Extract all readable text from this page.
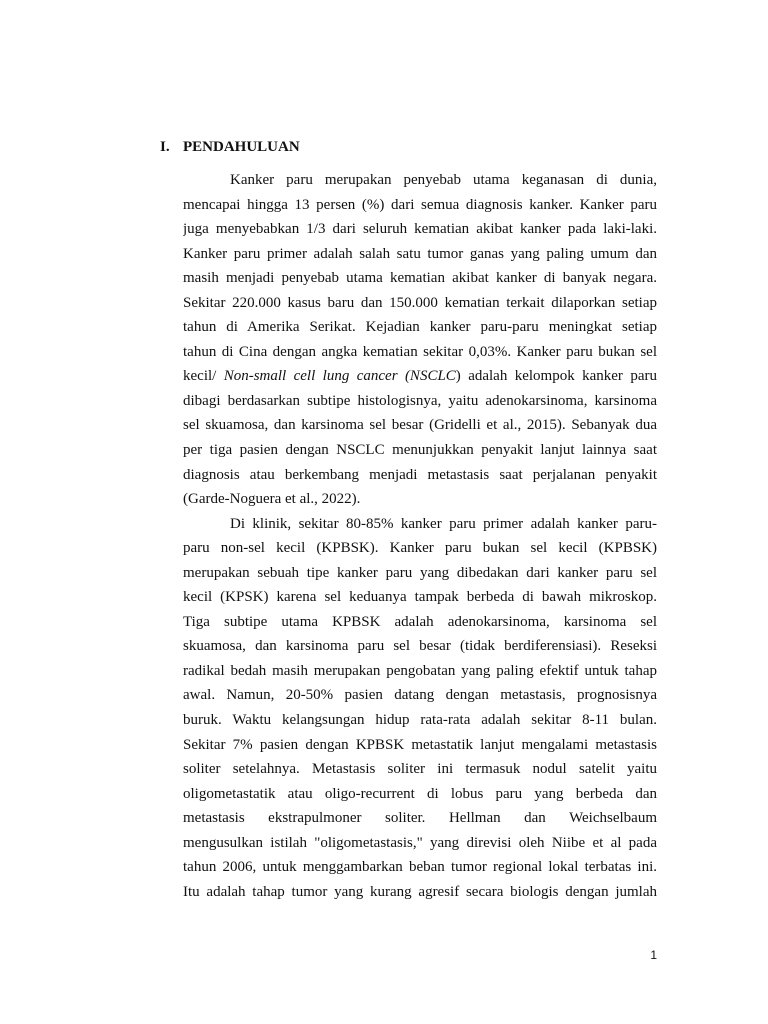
I. PENDAHULUAN
Kanker paru merupakan penyebab utama keganasan di dunia,
mencapai hingga 13 persen (%) dari semua diagnosis kanker. Kanker paru
juga menyebabkan 1/3 dari seluruh kematian akibat kanker pada laki-laki.
Kanker paru primer adalah salah satu tumor ganas yang paling umum dan
masih menjadi penyebab utama kematian akibat kanker di banyak negara.
Sekitar 220.000 kasus baru dan 150.000 kematian terkait dilaporkan setiap
tahun di Amerika Serikat. Kejadian kanker paru-paru meningkat setiap
tahun di Cina dengan angka kematian sekitar 0,03%. Kanker paru bukan sel
kecil/ Non-small cell lung cancer (NSCLC) adalah kelompok kanker paru
dibagi berdasarkan subtipe histologisnya, yaitu adenokarsinoma, karsinoma
sel skuamosa, dan karsinoma sel besar (Gridelli et al., 2015). Sebanyak dua
per tiga pasien dengan NSCLC menunjukkan penyakit lanjut lainnya saat
diagnosis atau berkembang menjadi metastasis saat perjalanan penyakit
(Garde-Noguera et al., 2022).
Di klinik, sekitar 80-85% kanker paru primer adalah kanker paru-
paru non-sel kecil (KPBSK). Kanker paru bukan sel kecil (KPBSK)
merupakan sebuah tipe kanker paru yang dibedakan dari kanker paru sel
kecil (KPSK) karena sel keduanya tampak berbeda di bawah mikroskop.
Tiga subtipe utama KPBSK adalah adenokarsinoma, karsinoma sel
skuamosa, dan karsinoma paru sel besar (tidak berdiferensiasi). Reseksi
radikal bedah masih merupakan pengobatan yang paling efektif untuk tahap
awal. Namun, 20-50% pasien datang dengan metastasis, prognosisnya
buruk. Waktu kelangsungan hidup rata-rata adalah sekitar 8-11 bulan.
Sekitar 7% pasien dengan KPBSK metastatik lanjut mengalami metastasis
soliter setelahnya. Metastasis soliter ini termasuk nodul satelit yaitu
oligometastatik atau oligo-recurrent di lobus paru yang berbeda dan
metastasis ekstrapulmoner soliter. Hellman dan Weichselbaum
mengusulkan istilah "oligometastasis," yang direvisi oleh Niibe et al pada
tahun 2006, untuk menggambarkan beban tumor regional lokal terbatas ini.
Itu adalah tahap tumor yang kurang agresif secara biologis dengan jumlah
1
